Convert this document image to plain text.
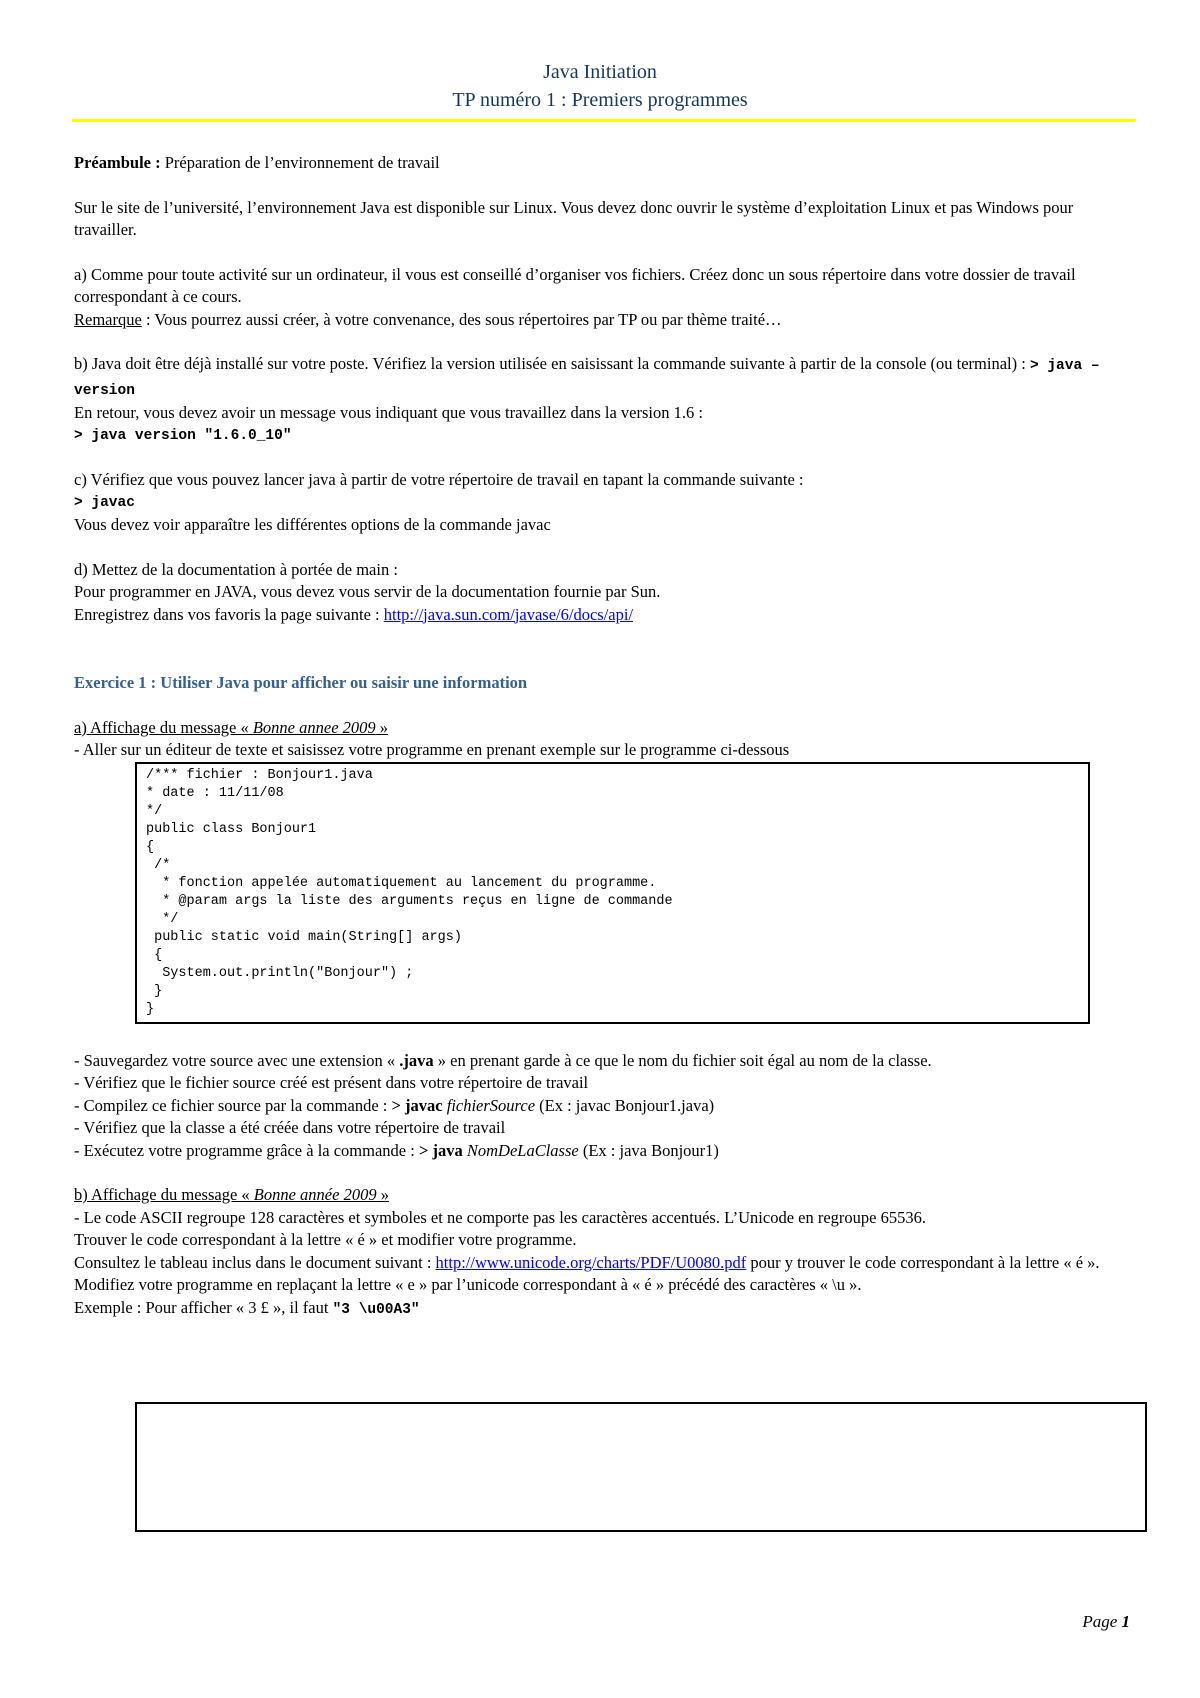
Java Initiation
TP numéro 1 : Premiers programmes

Préambule : Préparation de l’environnement de travail

Sur le site de l’université, l’environnement Java est disponible sur Linux. Vous devez donc ouvrir le système d’exploitation Linux et pas Windows pour travailler.

a) Comme pour toute activité sur un ordinateur, il vous est conseillé d’organiser vos fichiers. Créez donc un sous répertoire dans votre dossier de travail correspondant à ce cours.

Remarque : Vous pourrez aussi créer, à votre convenance, des sous répertoires par TP ou par thème traité…

b) Java doit être déjà installé sur votre poste. Vérifiez la version utilisée en saisissant la commande suivante à partir de la console (ou terminal) : > java –version

En retour, vous devez avoir un message vous indiquant que vous travaillez dans la version 1.6 :

> java version "1.6.0_10"

c) Vérifiez que vous pouvez lancer java à partir de votre répertoire de travail en tapant la commande suivante :

> javac

Vous devez voir apparaître les différentes options de la commande javac

d) Mettez de la documentation à portée de main :

Pour programmer en JAVA, vous devez vous servir de la documentation fournie par Sun.

Enregistrez dans vos favoris la page suivante : http://java.sun.com/javase/6/docs/api/

Exercice 1 : Utiliser Java pour afficher ou saisir une information

a) Affichage du message « Bonne annee 2009 »

- Aller sur un éditeur de texte et saisissez votre programme en prenant exemple sur le programme ci-dessous

/*** fichier : Bonjour1.java
* date : 11/11/08
*/
public class Bonjour1
{
/*
* fonction appelée automatiquement au lancement du programme.
* @param args la liste des arguments reçus en ligne de commande
*/
public static void main(String[] args)
{
System.out.println("Bonjour") ;
}
}

- Sauvegardez votre source avec une extension « .java » en prenant garde à ce que le nom du fichier soit égal au nom de la classe.

- Vérifiez que le fichier source créé est présent dans votre répertoire de travail

- Compilez ce fichier source par la commande : > javac fichierSource (Ex : javac Bonjour1.java)

- Vérifiez que la classe a été créée dans votre répertoire de travail

- Exécutez votre programme grâce à la commande : > java NomDeLaClasse (Ex : java Bonjour1)

b) Affichage du message « Bonne année 2009 »

- Le code ASCII regroupe 128 caractères et symboles et ne comporte pas les caractères accentués. L’Unicode en regroupe 65536.

Trouver le code correspondant à la lettre « é » et modifier votre programme.

Consultez le tableau inclus dans le document suivant : http://www.unicode.org/charts/PDF/U0080.pdf pour y trouver le code correspondant à la lettre « é ».

Modifiez votre programme en replaçant la lettre « e » par l’unicode correspondant à « é » précédé des caractères « \u ».

Exemple : Pour afficher « 3 £ », il faut "3 \u00A3"

Page 1
